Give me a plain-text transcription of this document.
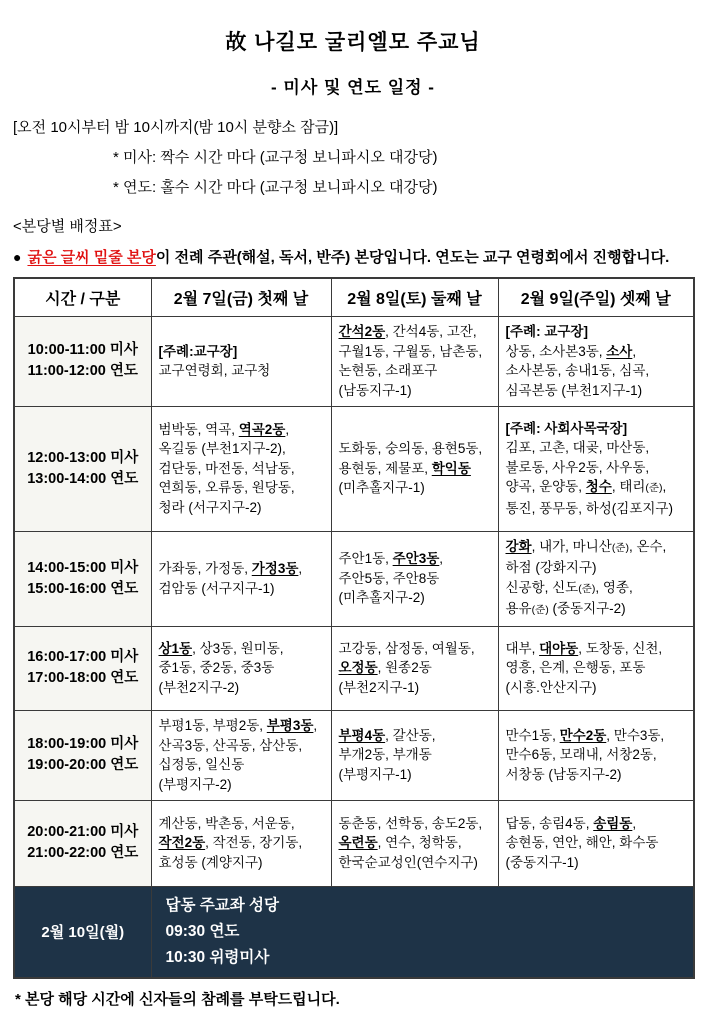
故 나길모 굴리엘모 주교님
- 미사 및 연도 일정 -
[오전 10시부터 밤 10시까지(밤 10시 분향소 잠금)]
* 미사: 짝수 시간 마다 (교구청 보니파시오 대강당)
* 연도: 홀수 시간 마다 (교구청 보니파시오 대강당)
<본당별 배정표>
● 굵은 글씨 밑줄 본당이 전례 주관(해설, 독서, 반주) 본당입니다. 연도는 교구 연령회에서 진행합니다.
시간 / 구분	2월 7일(금) 첫째 날	2월 8일(토) 둘째 날	2월 9일(주일) 셋째 날
10:00-11:00 미사
11:00-12:00 연도	[주례:교구장]
교구연령회, 교구청	간석2동, 간석4동, 고잔,
구월1동, 구월동, 남촌동,
논현동, 소래포구
(남동지구-1)	[주례: 교구장]
상동, 소사본3동, 소사,
소사본동, 송내1동, 심곡,
심곡본동 (부천1지구-1)
12:00-13:00 미사
13:00-14:00 연도	범박동, 역곡, 역곡2동,
옥길동 (부천1지구-2),
검단동, 마전동, 석남동,
연희동, 오류동, 원당동,
청라 (서구지구-2)	도화동, 숭의동, 용현5동,
용현동, 제물포, 학익동
(미추홀지구-1)	[주례: 사회사목국장]
김포, 고촌, 대곶, 마산동,
불로동, 사우2동, 사우동,
양곡, 운양동, 청수, 태리(준),
통진, 풍무동, 하성(김포지구)
14:00-15:00 미사
15:00-16:00 연도	가좌동, 가정동, 가정3동,
검암동 (서구지구-1)	주안1동, 주안3동,
주안5동, 주안8동
(미추홀지구-2)	강화, 내가, 마니산(준), 온수,
하점 (강화지구)
신공항, 신도(준), 영종,
용유(준) (중동지구-2)
16:00-17:00 미사
17:00-18:00 연도	상1동, 상3동, 원미동,
중1동, 중2동, 중3동
(부천2지구-2)	고강동, 삼정동, 여월동,
오정동, 원종2동
(부천2지구-1)	대부, 대야동, 도창동, 신천,
영흥, 은계, 은행동, 포동
(시흥.안산지구)
18:00-19:00 미사
19:00-20:00 연도	부평1동, 부평2동, 부평3동,
산곡3동, 산곡동, 삼산동,
십정동, 일신동
(부평지구-2)	부평4동, 갈산동,
부개2동, 부개동
(부평지구-1)	만수1동, 만수2동, 만수3동,
만수6동, 모래내, 서창2동,
서창동 (남동지구-2)
20:00-21:00 미사
21:00-22:00 연도	계산동, 박촌동, 서운동,
작전2동, 작전동, 장기동,
효성동 (계양지구)	동춘동, 선학동, 송도2동,
옥련동, 연수, 청학동,
한국순교성인(연수지구)	답동, 송림4동, 송림동,
송현동, 연안, 해안, 화수동
(중동지구-1)
2월 10일(월)	답동 주교좌 성당
09:30 연도
10:30 위령미사		
* 본당 해당 시간에 신자들의 참례를 부탁드립니다.
